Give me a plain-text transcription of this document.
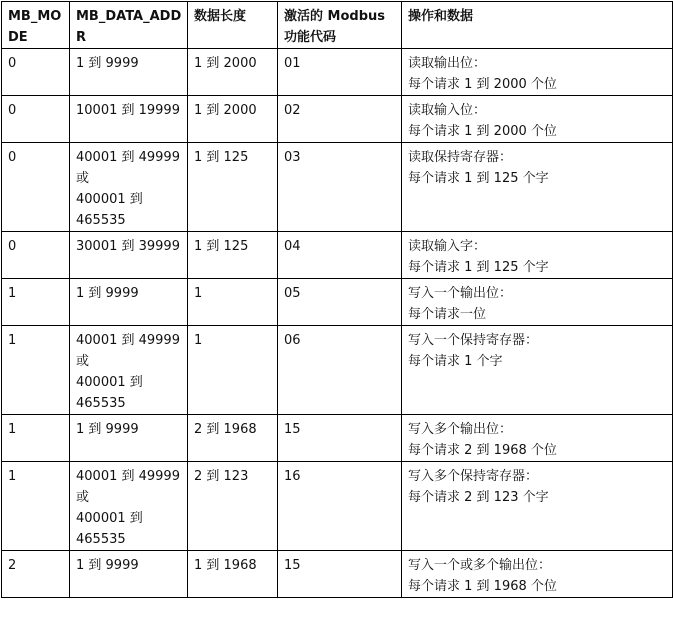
MB_MODE	MB_DATA_ADDR	数据长度	激活的 Modbus 功能代码	操作和数据

0	1 到 9999	1 到 2000	01	读取输出位：
每个请求 1 到 2000 个位

0	10001 到 19999	1 到 2000	02	读取输入位：
每个请求 1 到 2000 个位

0	40001 到 49999
或
400001 到
465535	1 到 125	03	读取保持寄存器：
每个请求 1 到 125 个字

0	30001 到 39999	1 到 125	04	读取输入字：
每个请求 1 到 125 个字

1	1 到 9999	1	05	写入一个输出位：
每个请求一位

1	40001 到 49999
或
400001 到
465535	1	06	写入一个保持寄存器：
每个请求 1 个字

1	1 到 9999	2 到 1968	15	写入多个输出位：
每个请求 2 到 1968 个位

1	40001 到 49999
或
400001 到
465535	2 到 123	16	写入多个保持寄存器：
每个请求 2 到 123 个字

2	1 到 9999	1 到 1968	15	写入一个或多个输出位：
每个请求 1 到 1968 个位
